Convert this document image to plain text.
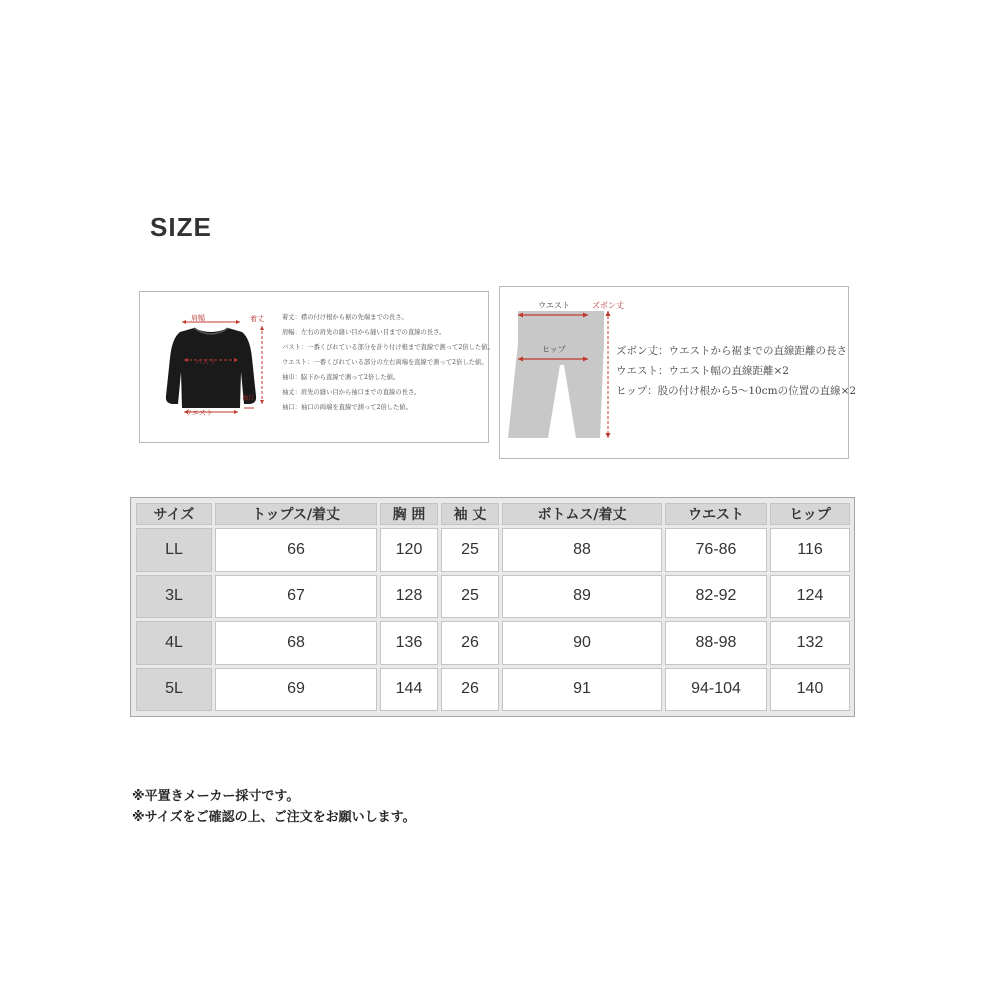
SIZE
肩幅	着丈
バスト
ウエスト
袖口
着丈：襟の付け根から裾の先端までの長さ。
肩幅：左右の肩先の縫い目から縫い目までの直線の長さ。
バスト：一番くびれている部分を計り付け根まで直線で測って2倍した値。
ウエスト：一番くびれている部分の左右両端を直線で測って2倍した値。
袖巾：脇下から直線で測って2倍した値。
袖丈：肩先の縫い目から袖口までの直線の長さ。
袖口：袖口の両端を直線で測って2倍した値。
ウエスト	ズボン丈
ヒップ	ズボン丈：ウエストから裾までの直線距離の長さ
ウエスト：ウエスト幅の直線距離×2
ヒップ：股の付け根から5〜10cmの位置の直線×2
サイズ	トップス/着丈	胸 囲	袖 丈	ボトムス/着丈	ウエスト	ヒップ
LL	66	120	25	88	76-86	116
3L	67	128	25	89	82-92	124
4L	68	136	26	90	88-98	132
5L	69	144	26	91	94-104	140
※平置きメーカー採寸です。
※サイズをご確認の上、ご注文をお願いします。
